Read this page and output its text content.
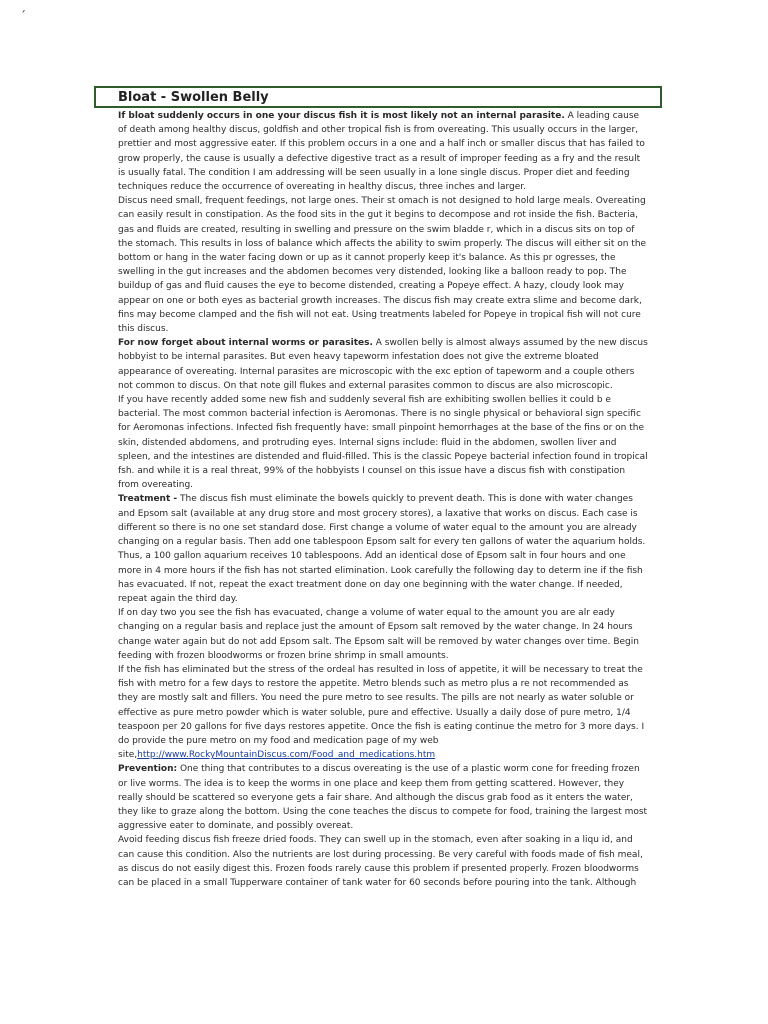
´
Bloat - Swollen Belly

If bloat suddenly occurs in one your discus fish it is most likely not an internal parasite. A leading cause of death among healthy discus, goldfish and other tropical fish is from overeating. This usually occurs in the larger, prettier and most aggressive eater. If this problem occurs in a one and a half inch or smaller discus that has failed to grow properly, the cause is usually a defective digestive tract as a result of improper feeding as a fry and the result is usually fatal. The condition I am addressing will be seen usually in a lone single discus. Proper diet and feeding techniques reduce the occurrence of overeating in healthy discus, three inches and larger.

Discus need small, frequent feedings, not large ones. Their st omach is not designed to hold large meals. Overeating can easily result in constipation. As the food sits in the gut it begins to decompose and rot inside the fish. Bacteria, gas and fluids are created, resulting in swelling and pressure on the swim bladde r, which in a discus sits on top of the stomach. This results in loss of balance which affects the ability to swim properly. The discus will either sit on the bottom or hang in the water facing down or up as it cannot properly keep it's balance. As this pr ogresses, the swelling in the gut increases and the abdomen becomes very distended, looking like a balloon ready to pop. The buildup of gas and fluid causes the eye to become distended, creating a Popeye effect. A hazy, cloudy look may appear on one or both eyes as bacterial growth increases. The discus fish may create extra slime and become dark, fins may become clamped and the fish will not eat. Using treatments labeled for Popeye in tropical fish will not cure this discus.

For now forget about internal worms or parasites. A swollen belly is almost always assumed by the new discus hobbyist to be internal parasites. But even heavy tapeworm infestation does not give the extreme bloated appearance of overeating. Internal parasites are microscopic with the exc eption of tapeworm and a couple others not common to discus. On that note gill flukes and external parasites common to discus are also microscopic.

If you have recently added some new fish and suddenly several fish are exhibiting swollen bellies it could b e bacterial. The most common bacterial infection is Aeromonas. There is no single physical or behavioral sign specific for Aeromonas infections. Infected fish frequently have: small pinpoint hemorrhages at the base of the fins or on the skin, distended abdomens, and protruding eyes. Internal signs include: fluid in the abdomen, swollen liver and spleen, and the intestines are distended and fluid-filled. This is the classic Popeye bacterial infection found in tropical fsh. and while it is a real threat, 99% of the hobbyists I counsel on this issue have a discus fish with constipation from overeating.

Treatment - The discus fish must eliminate the bowels quickly to prevent death. This is done with water changes and Epsom salt (available at any drug store and most grocery stores), a laxative that works on discus. Each case is different so there is no one set standard dose. First change a volume of water equal to the amount you are already changing on a regular basis. Then add one tablespoon Epsom salt for every ten gallons of water the aquarium holds. Thus, a 100 gallon aquarium receives 10 tablespoons. Add an identical dose of Epsom salt in four hours and one more in 4 more hours if the fish has not started elimination. Look carefully the following day to determ ine if the fish has evacuated. If not, repeat the exact treatment done on day one beginning with the water change. If needed, repeat again the third day.

If on day two you see the fish has evacuated, change a volume of water equal to the amount you are alr eady changing on a regular basis and replace just the amount of Epsom salt removed by the water change. In 24 hours change water again but do not add Epsom salt. The Epsom salt will be removed by water changes over time. Begin feeding with frozen bloodworms or frozen brine shrimp in small amounts.

If the fish has eliminated but the stress of the ordeal has resulted in loss of appetite, it will be necessary to treat the fish with metro for a few days to restore the appetite. Metro blends such as metro plus a re not recommended as they are mostly salt and fillers. You need the pure metro to see results. The pills are not nearly as water soluble or effective as pure metro powder which is water soluble, pure and effective. Usually a daily dose of pure metro, 1/4 teaspoon per 20 gallons for five days restores appetite. Once the fish is eating continue the metro for 3 more days. I do provide the pure metro on my food and medication page of my web site,http://www.RockyMountainDiscus.com/Food_and_medications.htm

Prevention: One thing that contributes to a discus overeating is the use of a plastic worm cone for freeding frozen or live worms. The idea is to keep the worms in one place and keep them from getting scattered. However, they really should be scattered so everyone gets a fair share. And although the discus grab food as it enters the water, they like to graze along the bottom. Using the cone teaches the discus to compete for food, training the largest most aggressive eater to dominate, and possibly overeat.

Avoid feeding discus fish freeze dried foods. They can swell up in the stomach, even after soaking in a liqu id, and can cause this condition. Also the nutrients are lost during processing. Be very careful with foods made of fish meal, as discus do not easily digest this. Frozen foods rarely cause this problem if presented properly. Frozen bloodworms can be placed in a small Tupperware container of tank water for 60 seconds before pouring into the tank. Although
